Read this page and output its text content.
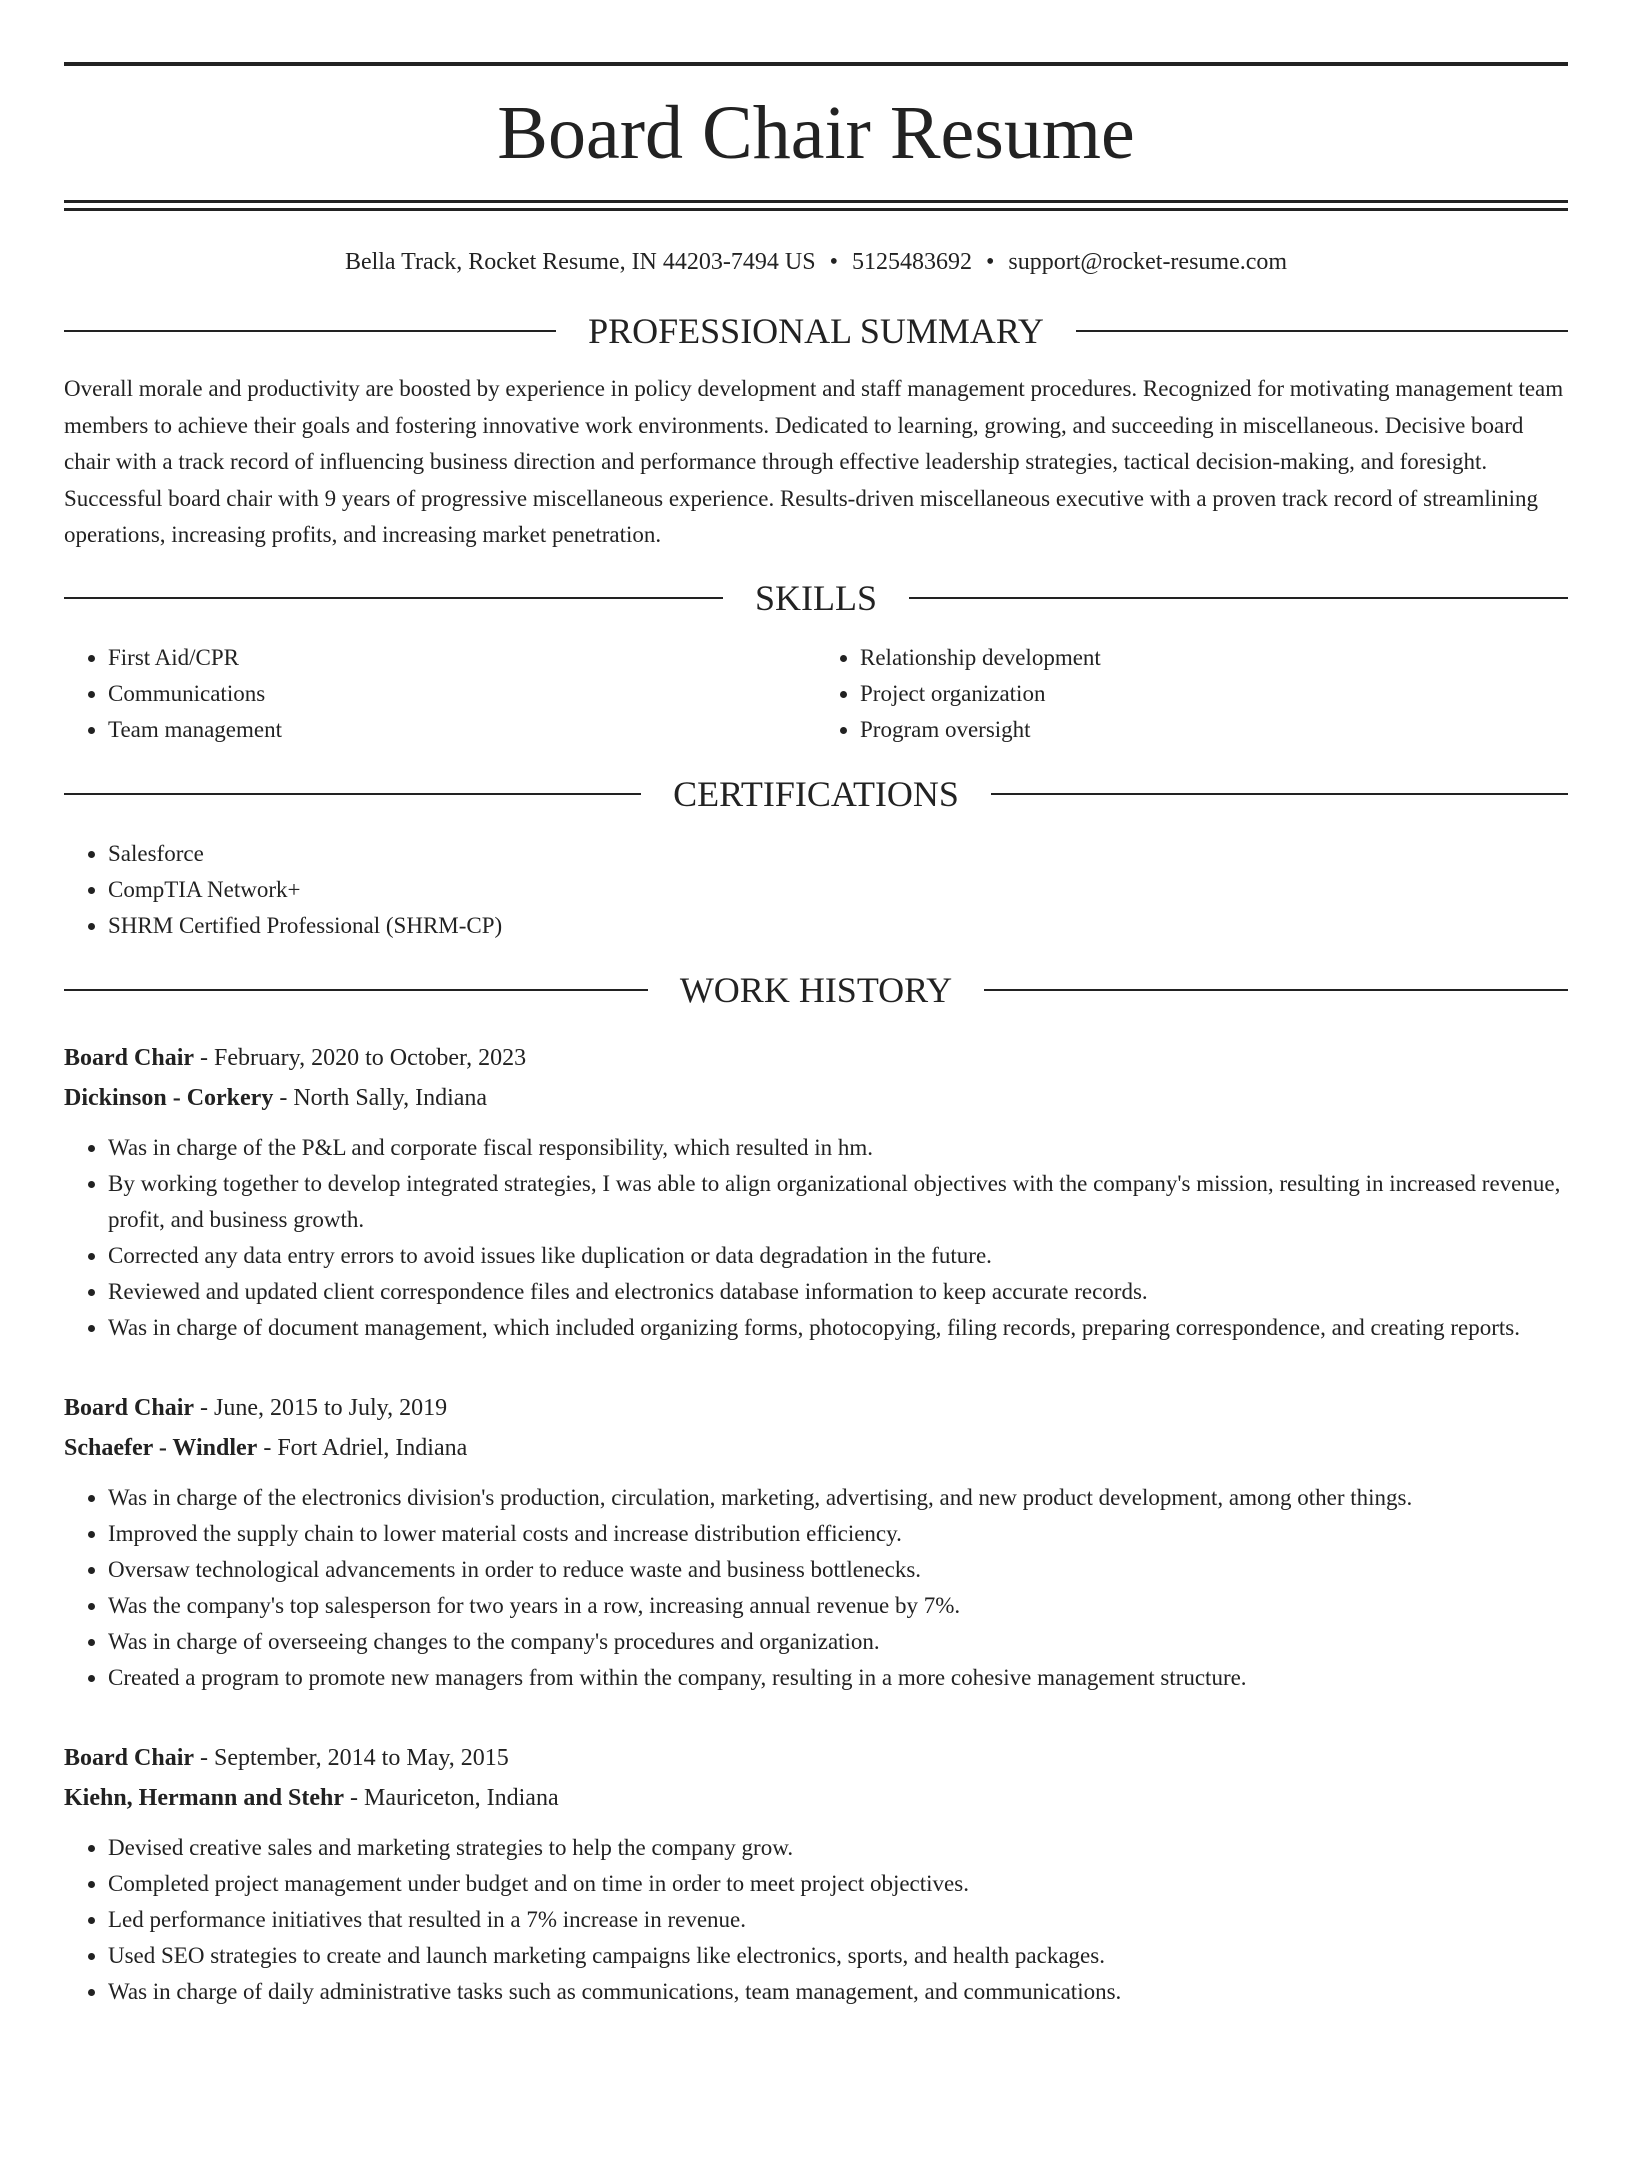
Board Chair Resume
Bella Track, Rocket Resume, IN 44203-7494 US • 5125483692 • support@rocket-resume.com
PROFESSIONAL SUMMARY

Overall morale and productivity are boosted by experience in policy development and staff management procedures. Recognized for motivating management team members to achieve their goals and fostering innovative work environments. Dedicated to learning, growing, and succeeding in miscellaneous. Decisive board chair with a track record of influencing business direction and performance through effective leadership strategies, tactical decision-making, and foresight. Successful board chair with 9 years of progressive miscellaneous experience. Results-driven miscellaneous executive with a proven track record of streamlining operations, increasing profits, and increasing market penetration.

SKILLS
• First Aid/CPR
• Communications
• Team management
• Relationship development
• Project organization
• Program oversight
CERTIFICATIONS
• Salesforce
• CompTIA Network+
• SHRM Certified Professional (SHRM-CP)
WORK HISTORY
Board Chair - February, 2020 to October, 2023
Dickinson - Corkery - North Sally, Indiana
• Was in charge of the P&L and corporate fiscal responsibility, which resulted in hm.
• By working together to develop integrated strategies, I was able to align organizational objectives with the company's mission, resulting in increased revenue, profit, and business growth.
• Corrected any data entry errors to avoid issues like duplication or data degradation in the future.
• Reviewed and updated client correspondence files and electronics database information to keep accurate records.
• Was in charge of document management, which included organizing forms, photocopying, filing records, preparing correspondence, and creating reports.
Board Chair - June, 2015 to July, 2019
Schaefer - Windler - Fort Adriel, Indiana
• Was in charge of the electronics division's production, circulation, marketing, advertising, and new product development, among other things.
• Improved the supply chain to lower material costs and increase distribution efficiency.
• Oversaw technological advancements in order to reduce waste and business bottlenecks.
• Was the company's top salesperson for two years in a row, increasing annual revenue by 7%.
• Was in charge of overseeing changes to the company's procedures and organization.
• Created a program to promote new managers from within the company, resulting in a more cohesive management structure.
Board Chair - September, 2014 to May, 2015
Kiehn, Hermann and Stehr - Mauriceton, Indiana
• Devised creative sales and marketing strategies to help the company grow.
• Completed project management under budget and on time in order to meet project objectives.
• Led performance initiatives that resulted in a 7% increase in revenue.
• Used SEO strategies to create and launch marketing campaigns like electronics, sports, and health packages.
• Was in charge of daily administrative tasks such as communications, team management, and communications.
